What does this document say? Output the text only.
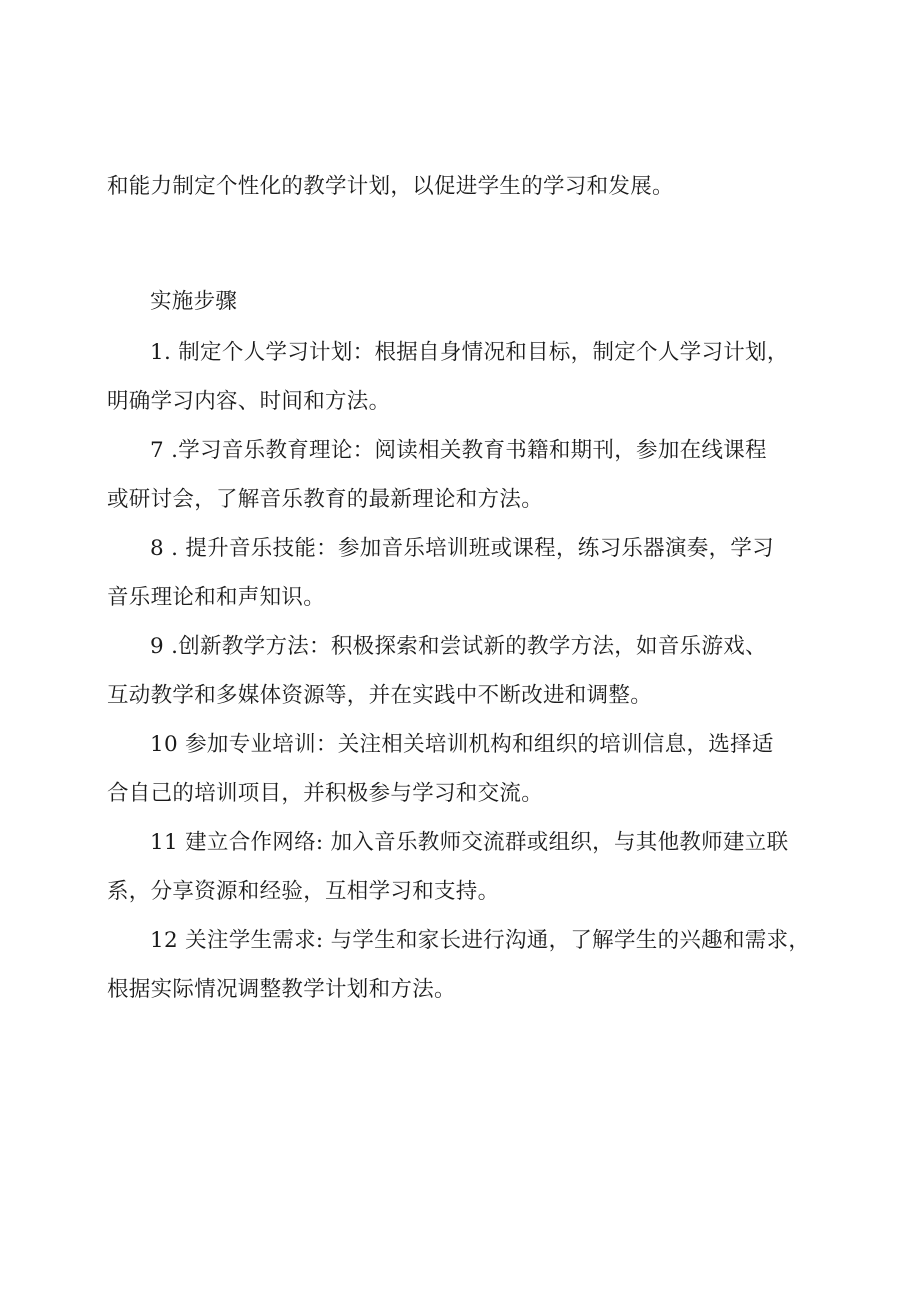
和能力制定个性化的教学计划，以促进学生的学习和发展。
实施步骤
1. 制定个人学习计划：根据自身情况和目标，制定个人学习计划，
明确学习内容、时间和方法。
7 .学习音乐教育理论：阅读相关教育书籍和期刊，参加在线课程
或研讨会，了解音乐教育的最新理论和方法。
8 . 提升音乐技能：参加音乐培训班或课程，练习乐器演奏，学习
音乐理论和和声知识。
9 .创新教学方法：积极探索和尝试新的教学方法，如音乐游戏、
互动教学和多媒体资源等，并在实践中不断改进和调整。
10 参加专业培训：关注相关培训机构和组织的培训信息，选择适
合自己的培训项目，并积极参与学习和交流。
11 建立合作网络: 加入音乐教师交流群或组织，与其他教师建立联
系，分享资源和经验，互相学习和支持。
12 关注学生需求: 与学生和家长进行沟通，了解学生的兴趣和需求，
根据实际情况调整教学计划和方法。
